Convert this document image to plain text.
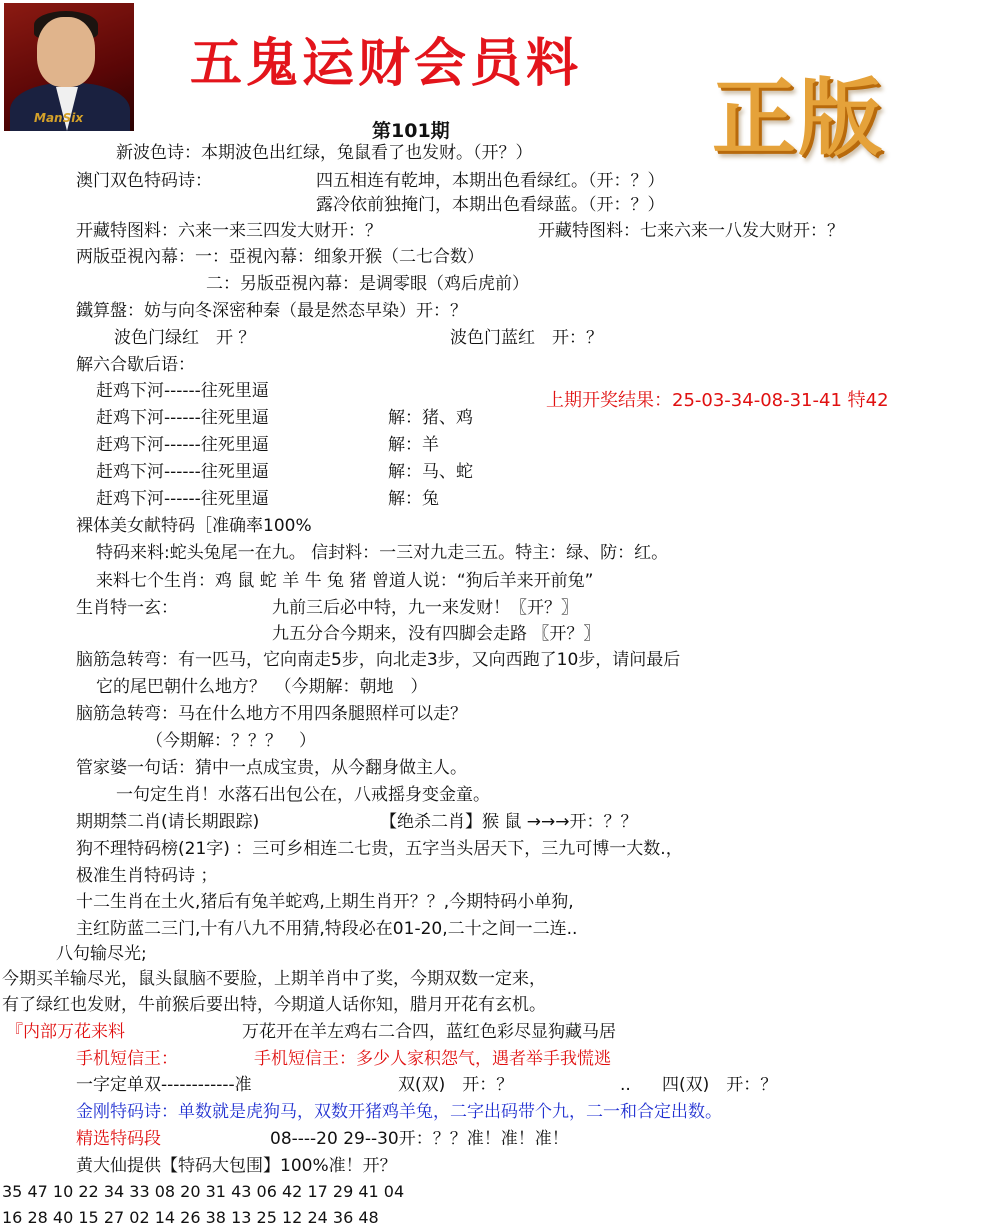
ManSix
五鬼运财会员料
正版
第101期
新波色诗：本期波色出红绿，兔鼠看了也发财。（开？）
澳门双色特码诗：	四五相连有乾坤，本期出色看绿红。（开：？）
露冷依前独掩门，本期出色看绿蓝。（开：？）
开藏特图料：六来一来三四发大财开：？	开藏特图料：七来六来一八发大财开：？
两版亞視內幕：一：亞視內幕：细象开猴（二七合数）
二：另版亞視內幕：是调零眼（鸡后虎前）
鐵算盤：妨与向冬深密种秦（最是然态早染）开：？
波色门绿红　开 ？	波色门蓝红　开：？
解六合歇后语：
赶鸡下河------往死里逼
赶鸡下河------往死里逼	解：猪、鸡
赶鸡下河------往死里逼	解：羊
赶鸡下河------往死里逼	解：马、蛇
赶鸡下河------往死里逼	解：兔
上期开奖结果：25-03-34-08-31-41 特42
裸体美女献特码［准确率100%
特码来料:蛇头兔尾一在九。 信封料：一三对九走三五。特主：绿、防：红。
来料七个生肖：鸡 鼠 蛇 羊 牛 兔 猪 曾道人说：“狗后羊来开前兔”
生肖特一玄：	九前三后必中特，九一来发财！〖开？〗
九五分合今期来，没有四脚会走路 〖开？〗
脑筋急转弯：有一匹马，它向南走5步，向北走3步，又向西跑了10步，请问最后
它的尾巴朝什么地方？　（今期解：朝地　）
脑筋急转弯：马在什么地方不用四条腿照样可以走？
（今期解：？？？　）
管家婆一句话：猜中一点成宝贵，从今翻身做主人。
一句定生肖！水落石出包公在，八戒摇身变金童。
期期禁二肖(请长期跟踪)	【绝杀二肖】猴 鼠 →→→开：？？
狗不理特码榜(21字) ：三可乡相连二七贵，五字当头居天下，三九可博一大数.，
极准生肖特码诗 ；
十二生肖在土火,猪后有兔羊蛇鸡,上期生肖开？？,今期特码小单狗,
主红防蓝二三门,十有八九不用猜,特段必在01-20,二十之间一二连..
八句输尽光;
今期买羊输尽光，鼠头鼠脑不要脸，上期羊肖中了奖，今期双数一定来，
有了绿红也发财，牛前猴后要出特，今期道人话你知，腊月开花有玄机。
『内部万花来料	万花开在羊左鸡右二合四，蓝红色彩尽显狗藏马居
手机短信王：	手机短信王：多少人家积怨气，遇者举手我慌逃
一字定单双------------准	双(双)　开：？	.. 四(双)　开：？
金刚特码诗：单数就是虎狗马，双数开猪鸡羊兔，二字出码带个九，二一和合定出数。
精选特码段	08----20 29--30开：？？准！准！准！
黄大仙提供【特码大包围】100%准！开？
35 47 10 22 34 33 08 20 31 43 06 42 17 29 41 04
16 28 40 15 27 02 14 26 38 13 25 12 24 36 48
